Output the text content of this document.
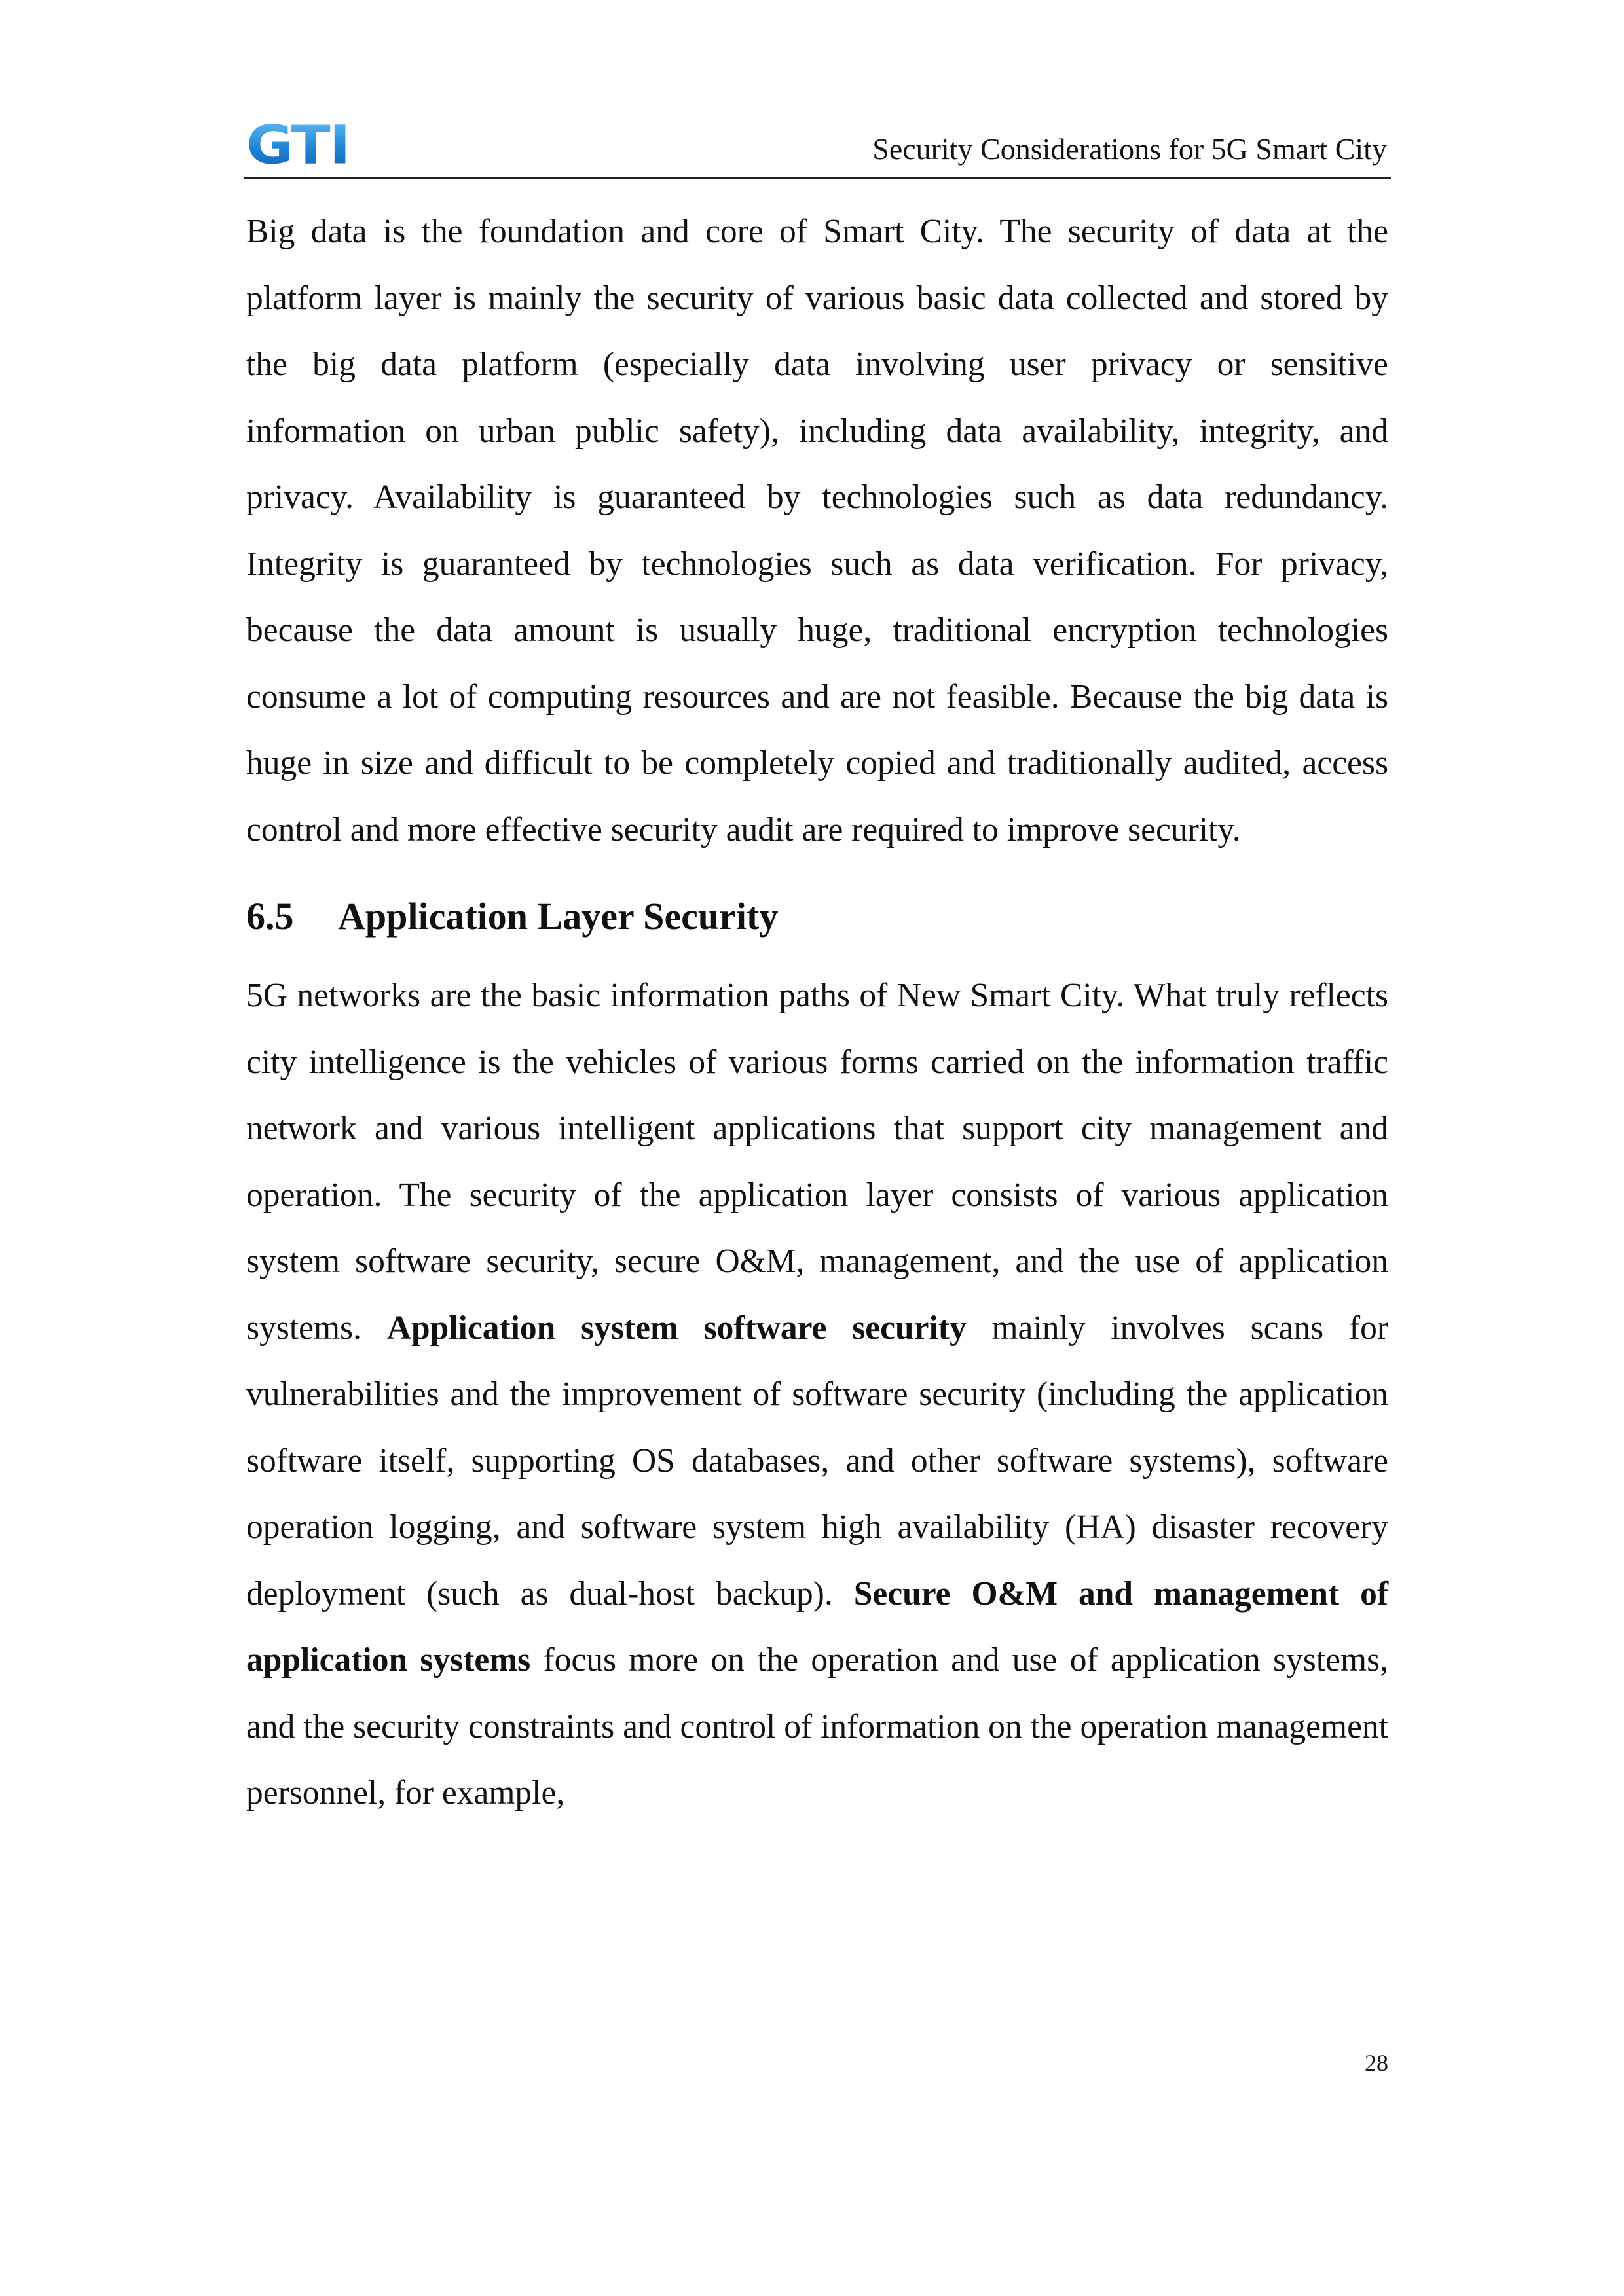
GTI	Security Considerations for 5G Smart City

Big data is the foundation and core of Smart City. The security of data at the platform layer is mainly the security of various basic data collected and stored by the big data platform (especially data involving user privacy or sensitive information on urban public safety), including data availability, integrity, and privacy. Availability is guaranteed by technologies such as data redundancy. Integrity is guaranteed by technologies such as data verification. For privacy, because the data amount is usually huge, traditional encryption technologies consume a lot of computing resources and are not feasible. Because the big data is huge in size and difficult to be completely copied and traditionally audited, access control and more effective security audit are required to improve security.

6.5	Application Layer Security

5G networks are the basic information paths of New Smart City. What truly reflects city intelligence is the vehicles of various forms carried on the information traffic network and various intelligent applications that support city management and operation. The security of the application layer consists of various application system software security, secure O&M, management, and the use of application systems. Application system software security mainly involves scans for vulnerabilities and the improvement of software security (including the application software itself, supporting OS databases, and other software systems), software operation logging, and software system high availability (HA) disaster recovery deployment (such as dual-host backup). Secure O&M and management of application systems focus more on the operation and use of application systems, and the security constraints and control of information on the operation management personnel, for example,

28
